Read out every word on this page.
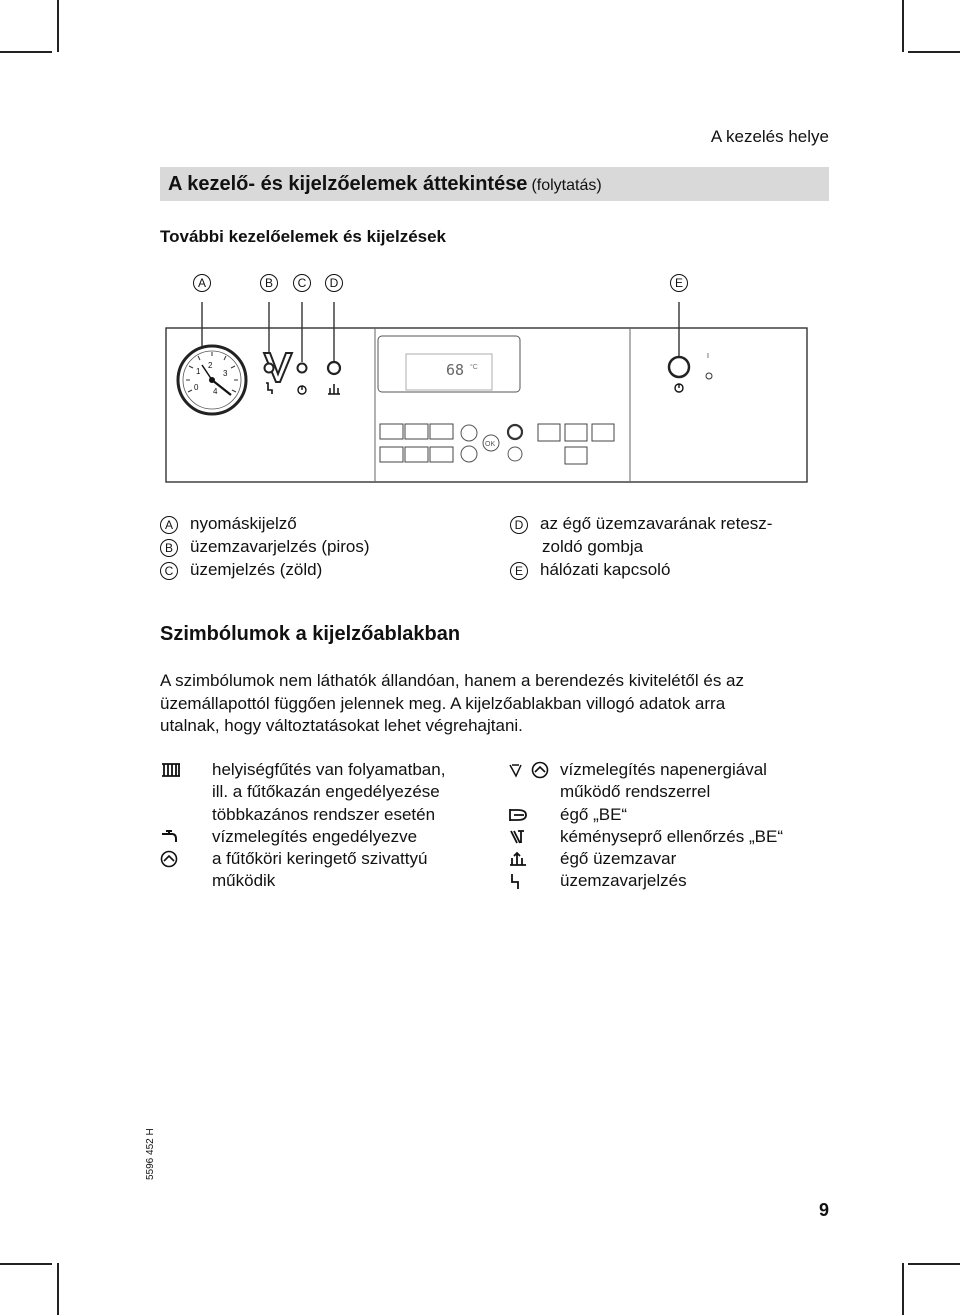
A kezelés helye
A kezelő- és kijelzőelemek áttekintése (folytatás)
További kezelőelemek és kijelzések
A	B	C	D	E
1
2
3
0 4
68 °C
OK
I
A nyomáskijelző
B üzemzavarjelzés (piros)
C üzemjelzés (zöld)
D az égő üzemzavarának retesz-
zoldó gombja
E hálózati kapcsoló
Szimbólumok a kijelzőablakban
A szimbólumok nem láthatók állandóan, hanem a berendezés kivitelétől és az
üzemállapottól függően jelennek meg. A kijelzőablakban villogó adatok arra
utalnak, hogy változtatásokat lehet végrehajtani.
helyiségfűtés van folyamatban,
ill. a fűtőkazán engedélyezése
többkazános rendszer esetén
vízmelegítés engedélyezve
a fűtőköri keringető szivattyú
működik
vízmelegítés napenergiával
működő rendszerrel
égő „BE“
kéményseprő ellenőrzés „BE“
égő üzemzavar
üzemzavarjelzés
5596 452 H
9
